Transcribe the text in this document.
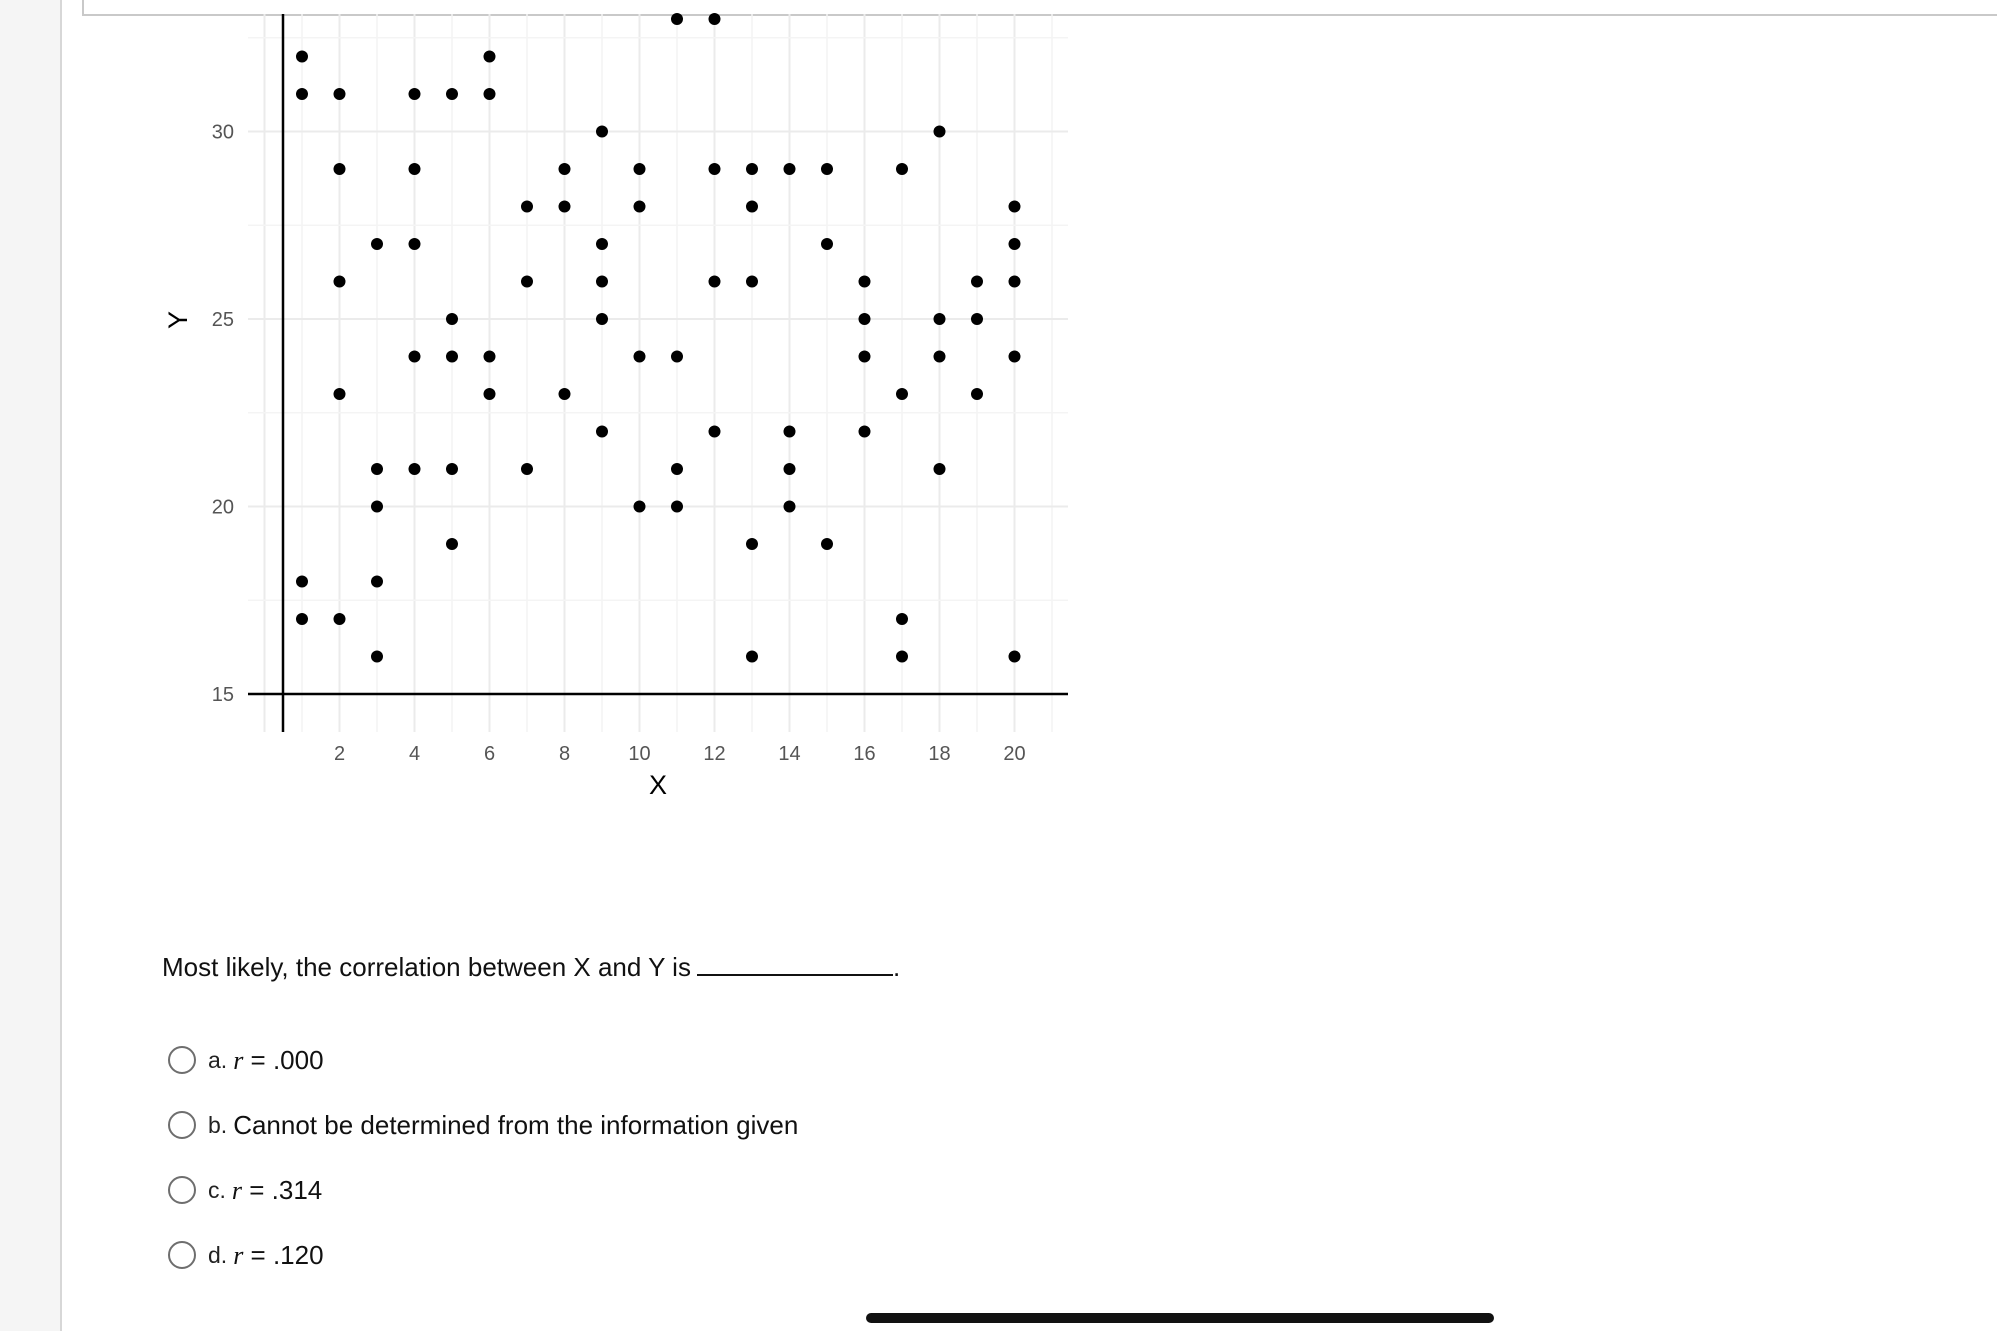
2	4	6	8	10	12	14	16	18	20
15
20
25
30
X
Y
Most likely, the correlation between X and Y is	.
a. r = .000
b. Cannot be determined from the information given
c. r = .314
d. r = .120
